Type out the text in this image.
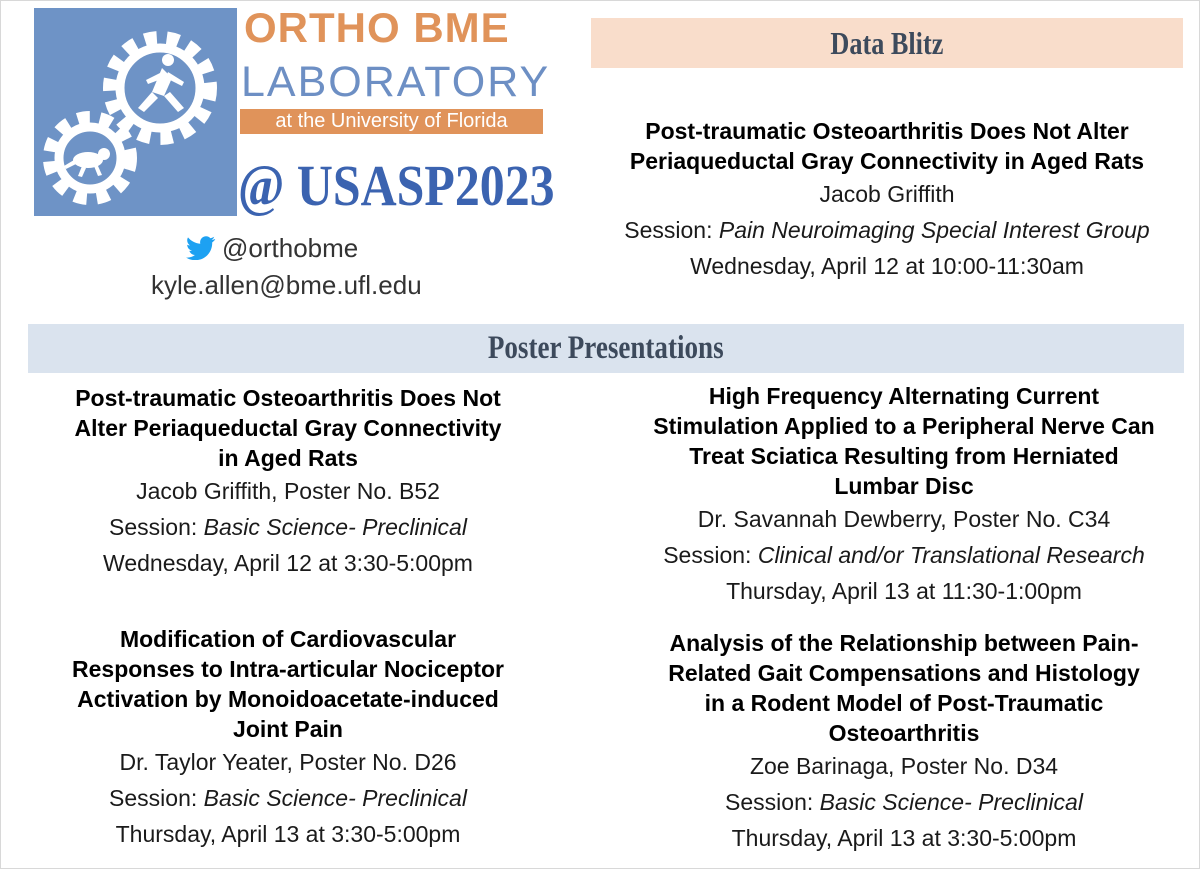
ORTHO BME
LABORATORY
at the University of Florida
@ USASP2023
@orthobme
kyle.allen@bme.ufl.edu
Data Blitz
Post-traumatic Osteoarthritis Does Not Alter
Periaqueductal Gray Connectivity in Aged Rats
Jacob Griffith
Session: Pain Neuroimaging Special Interest Group
Wednesday, April 12 at 10:00-11:30am
Poster Presentations
Post-traumatic Osteoarthritis Does Not
Alter Periaqueductal Gray Connectivity
in Aged Rats
Jacob Griffith, Poster No. B52
Session: Basic Science- Preclinical
Wednesday, April 12 at 3:30-5:00pm
Modification of Cardiovascular
Responses to Intra-articular Nociceptor
Activation by Monoidoacetate-induced
Joint Pain
Dr. Taylor Yeater, Poster No. D26
Session: Basic Science- Preclinical
Thursday, April 13 at 3:30-5:00pm
High Frequency Alternating Current
Stimulation Applied to a Peripheral Nerve Can
Treat Sciatica Resulting from Herniated
Lumbar Disc
Dr. Savannah Dewberry, Poster No. C34
Session: Clinical and/or Translational Research
Thursday, April 13 at 11:30-1:00pm
Analysis of the Relationship between Pain-
Related Gait Compensations and Histology
in a Rodent Model of Post-Traumatic
Osteoarthritis
Zoe Barinaga, Poster No. D34
Session: Basic Science- Preclinical
Thursday, April 13 at 3:30-5:00pm
